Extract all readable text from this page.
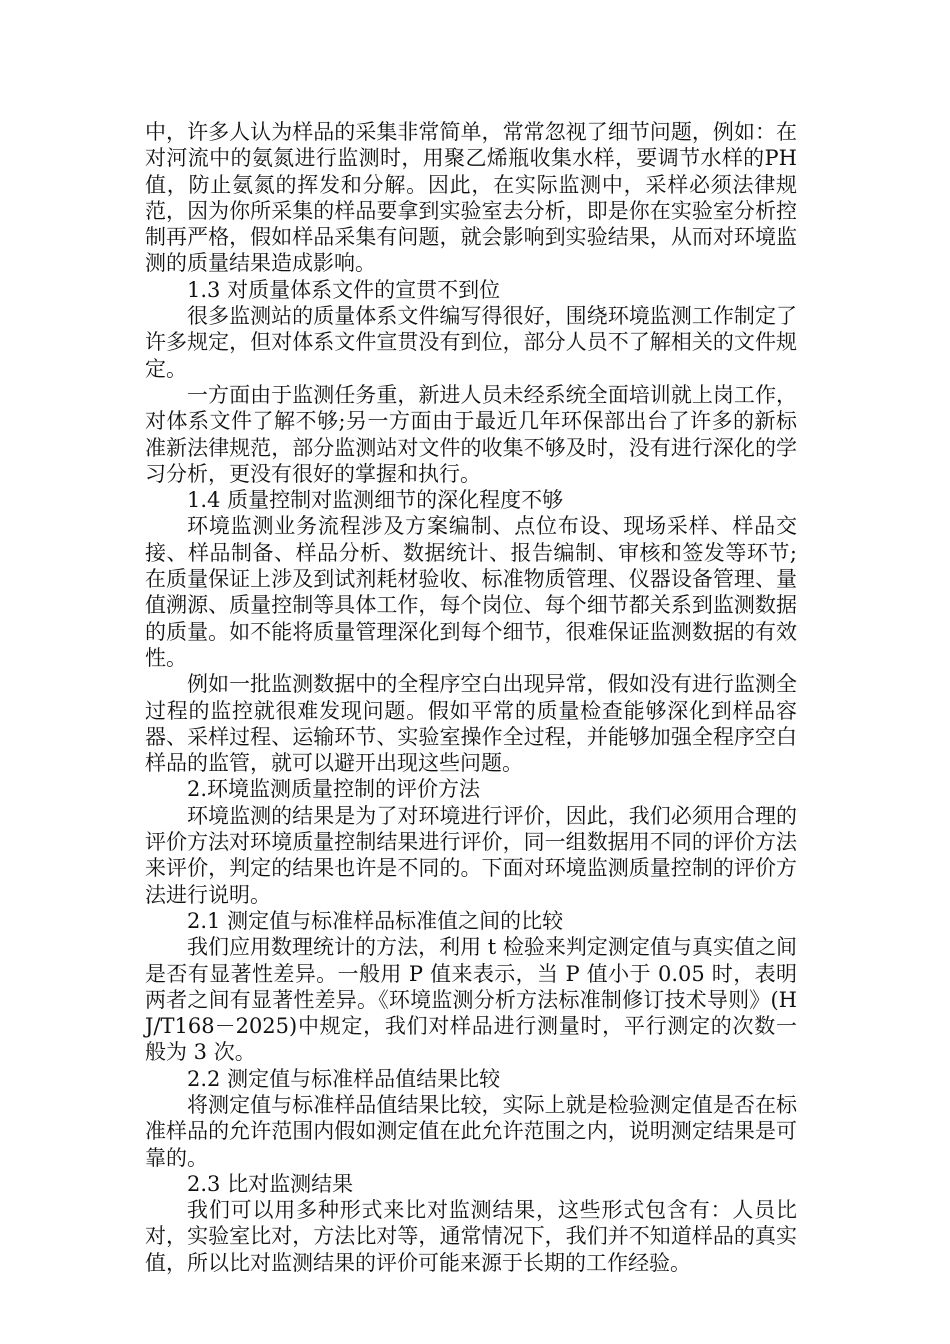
中，许多人认为样品的采集非常简单，常常忽视了细节问题，例如：在对河流中的氨氮进行监测时，用聚乙烯瓶收集水样，要调节水样的PH值，防止氨氮的挥发和分解。因此，在实际监测中，采样必须法律规范，因为你所采集的样品要拿到实验室去分析，即是你在实验室分析控制再严格，假如样品采集有问题，就会影响到实验结果，从而对环境监测的质量结果造成影响。

1.3 对质量体系文件的宣贯不到位

很多监测站的质量体系文件编写得很好，围绕环境监测工作制定了许多规定，但对体系文件宣贯没有到位，部分人员不了解相关的文件规定。

一方面由于监测任务重，新进人员未经系统全面培训就上岗工作，对体系文件了解不够;另一方面由于最近几年环保部出台了许多的新标准新法律规范，部分监测站对文件的收集不够及时，没有进行深化的学习分析，更没有很好的掌握和执行。

1.4 质量控制对监测细节的深化程度不够

环境监测业务流程涉及方案编制、点位布设、现场采样、样品交接、样品制备、样品分析、数据统计、报告编制、审核和签发等环节;在质量保证上涉及到试剂耗材验收、标准物质管理、仪器设备管理、量值溯源、质量控制等具体工作，每个岗位、每个细节都关系到监测数据的质量。如不能将质量管理深化到每个细节，很难保证监测数据的有效性。

例如一批监测数据中的全程序空白出现异常，假如没有进行监测全过程的监控就很难发现问题。假如平常的质量检查能够深化到样品容器、采样过程、运输环节、实验室操作全过程，并能够加强全程序空白样品的监管，就可以避开出现这些问题。

2.环境监测质量控制的评价方法

环境监测的结果是为了对环境进行评价，因此，我们必须用合理的评价方法对环境质量控制结果进行评价，同一组数据用不同的评价方法来评价，判定的结果也许是不同的。下面对环境监测质量控制的评价方法进行说明。

2.1 测定值与标准样品标准值之间的比较

我们应用数理统计的方法，利用 t 检验来判定测定值与真实值之间是否有显著性差异。一般用 P 值来表示，当 P 值小于 0.05 时，表明两者之间有显著性差异。《环境监测分析方法标准制修订技术导则》(HJ/T168－2025)中规定，我们对样品进行测量时，平行测定的次数一般为 3 次。

2.2 测定值与标准样品值结果比较

将测定值与标准样品值结果比较，实际上就是检验测定值是否在标准样品的允许范围内假如测定值在此允许范围之内，说明测定结果是可靠的。

2.3 比对监测结果

我们可以用多种形式来比对监测结果，这些形式包含有：人员比对，实验室比对，方法比对等，通常情况下，我们并不知道样品的真实值，所以比对监测结果的评价可能来源于长期的工作经验。
